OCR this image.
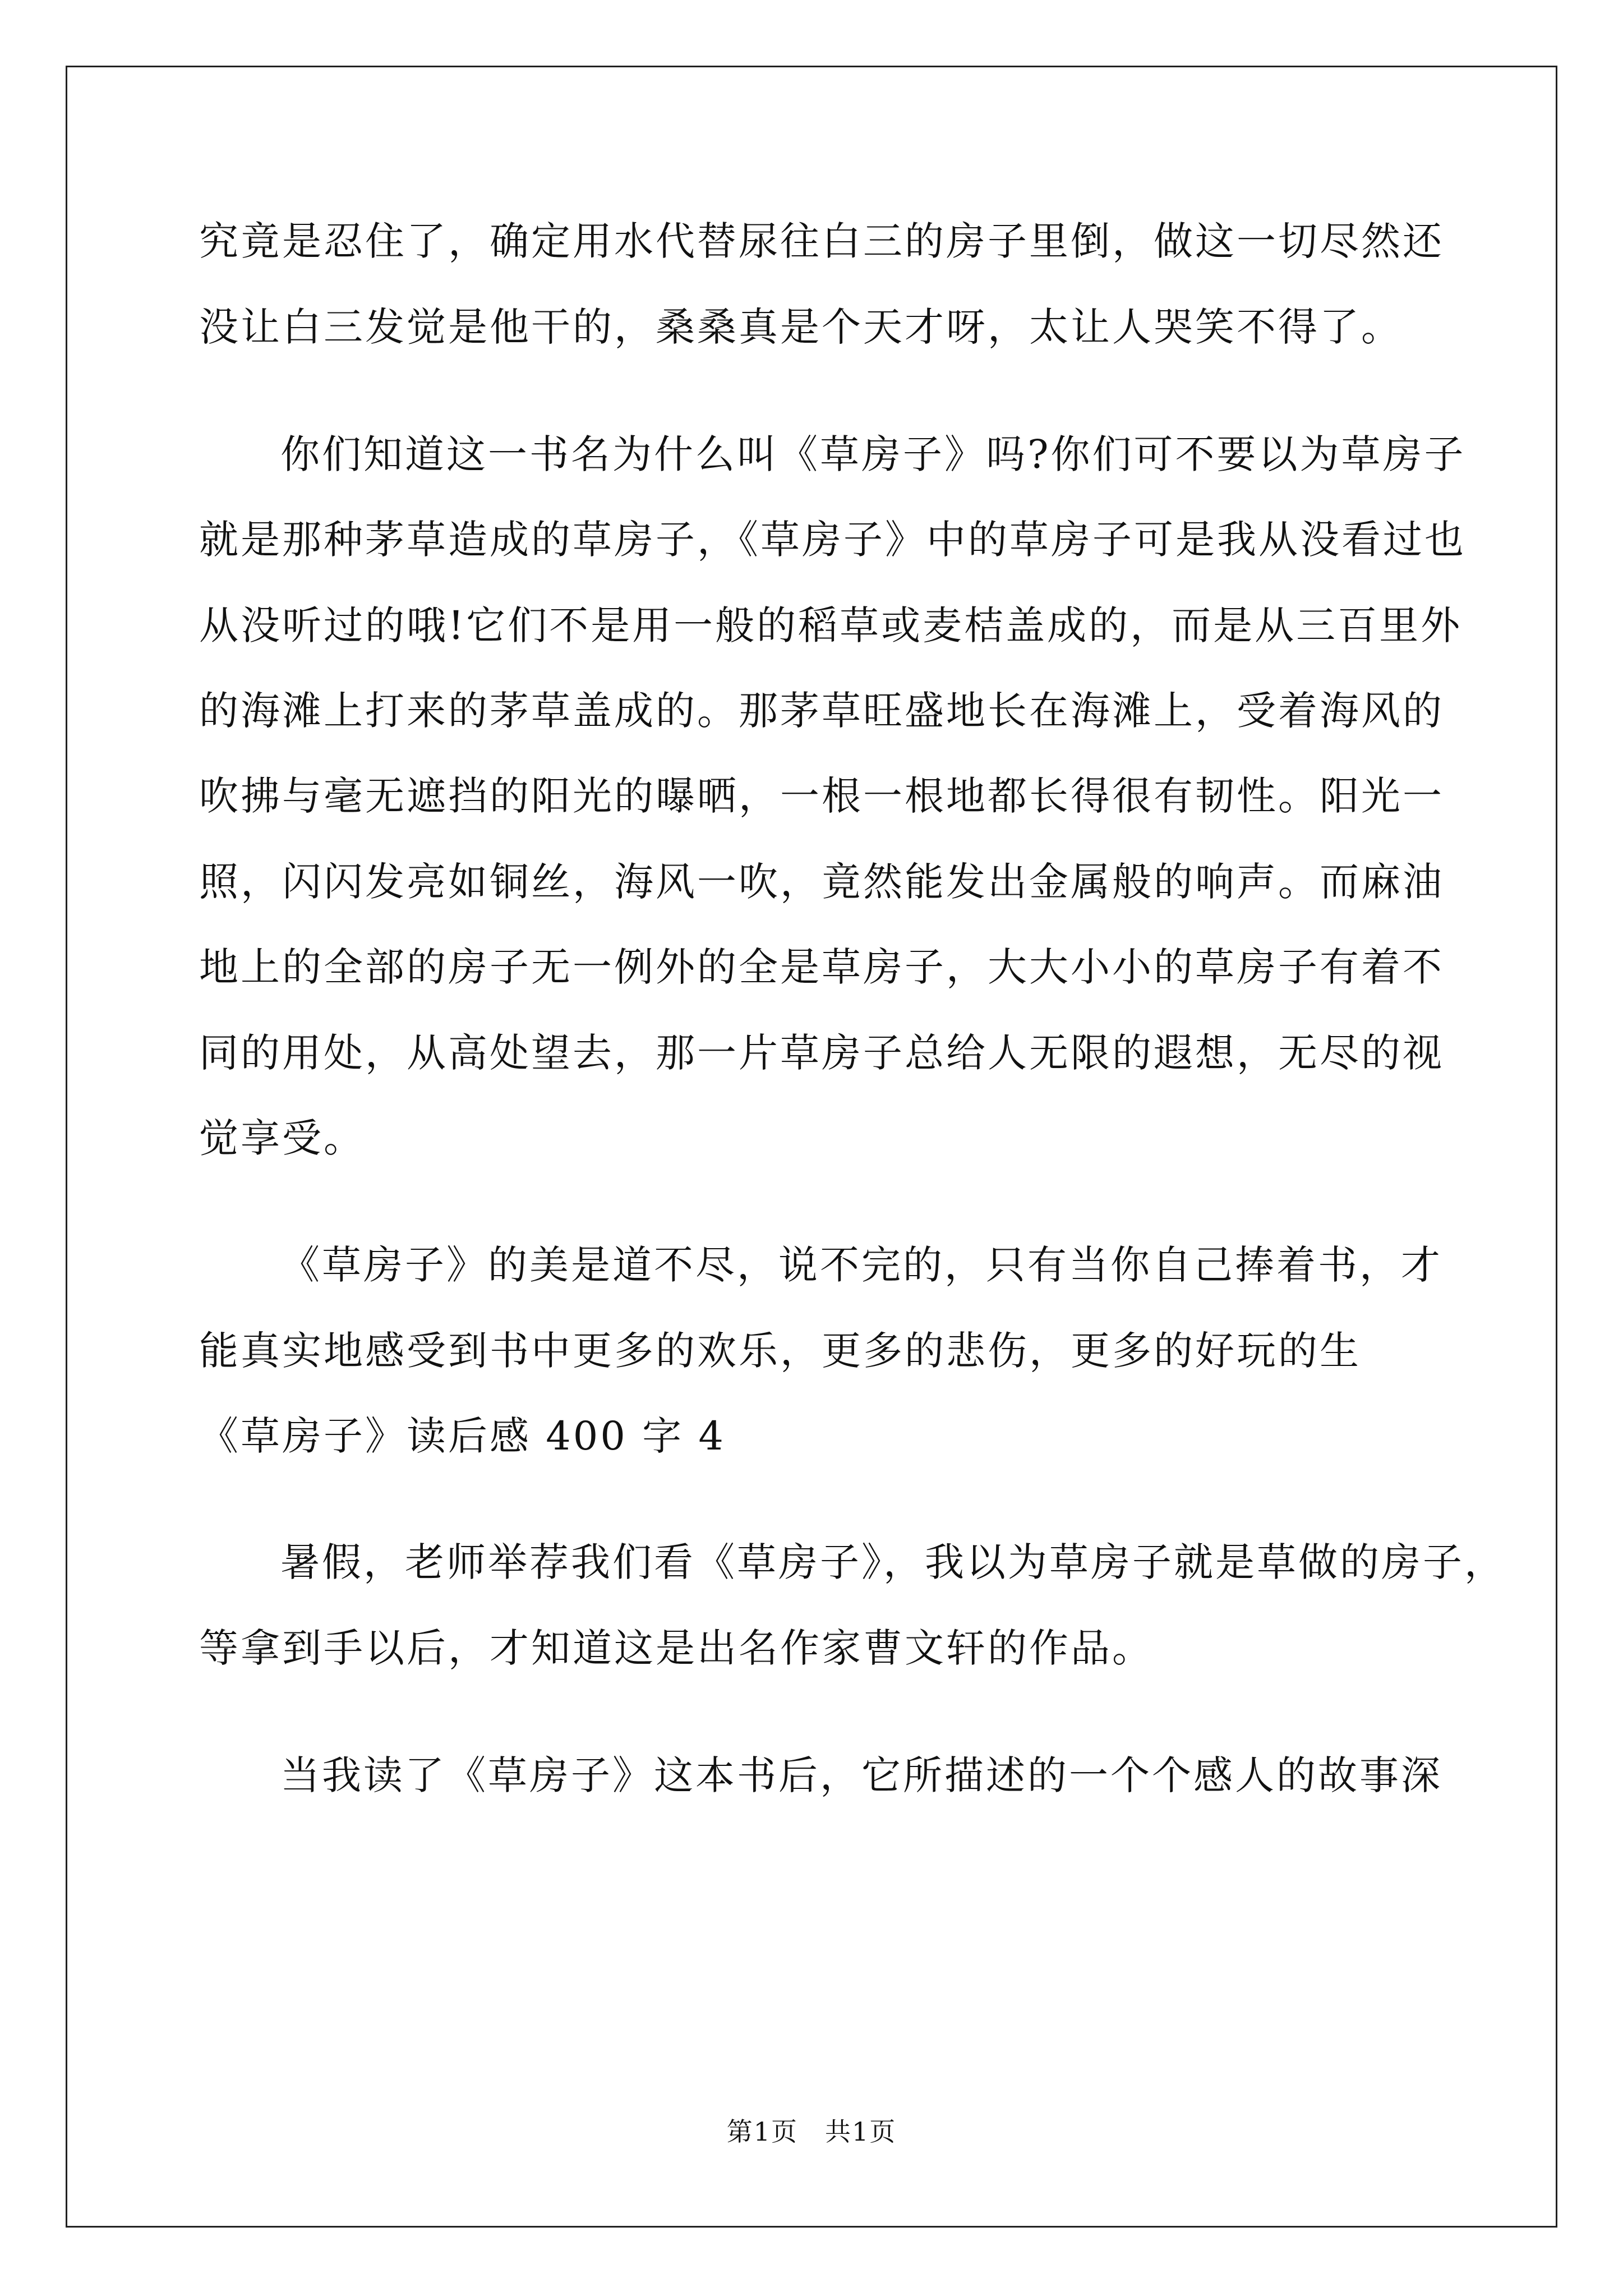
究竟是忍住了，确定用水代替尿往白三的房子里倒，做这一切尽然还
没让白三发觉是他干的，桑桑真是个天才呀，太让人哭笑不得了。
你们知道这一书名为什么叫《草房子》吗?你们可不要以为草房子
就是那种茅草造成的草房子，《草房子》中的草房子可是我从没看过也
从没听过的哦!它们不是用一般的稻草或麦桔盖成的，而是从三百里外
的海滩上打来的茅草盖成的。那茅草旺盛地长在海滩上，受着海风的
吹拂与毫无遮挡的阳光的曝晒，一根一根地都长得很有韧性。阳光一
照，闪闪发亮如铜丝，海风一吹，竟然能发出金属般的响声。而麻油
地上的全部的房子无一例外的全是草房子，大大小小的草房子有着不
同的用处，从高处望去，那一片草房子总给人无限的遐想，无尽的视
觉享受。
《草房子》的美是道不尽，说不完的，只有当你自己捧着书，才
能真实地感受到书中更多的欢乐，更多的悲伤，更多的好玩的生
《草房子》读后感 400 字 4
暑假，老师举荐我们看《草房子》，我以为草房子就是草做的房子，
等拿到手以后，才知道这是出名作家曹文轩的作品。
当我读了《草房子》这本书后，它所描述的一个个感人的故事深
第1页　共1页
